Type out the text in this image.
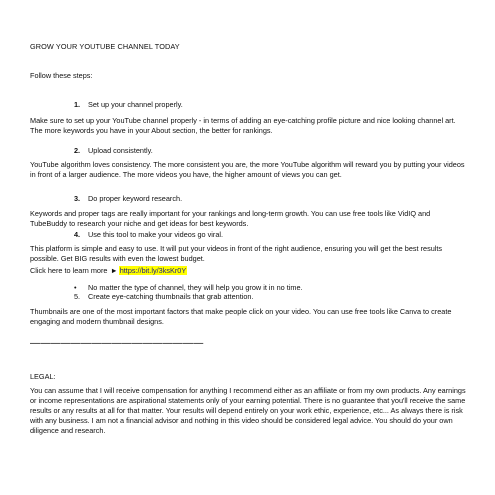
GROW YOUR YOUTUBE CHANNEL TODAY
Follow these steps:
1. Set up your channel properly.

Make sure to set up your YouTube channel properly - in terms of adding an eye-catching profile picture and nice looking channel art. The more keywords you have in your About section, the better for rankings.

2. Upload consistently.

YouTube algorithm loves consistency. The more consistent you are, the more YouTube algorithm will reward you by putting your videos in front of a larger audience. The more videos you have, the higher amount of views you can get.

3. Do proper keyword research.

Keywords and proper tags are really important for your rankings and long-term growth. You can use free tools like VidIQ and TubeBuddy to research your niche and get ideas for best keywords.

4. Use this tool to make your videos go viral.

This platform is simple and easy to use. It will put your videos in front of the right audience, ensuring you will get the best results possible. Get BIG results with even the lowest budget.

Click here to learn more ► https://bit.ly/3ksKr0Y
• No matter the type of channel, they will help you grow it in no time.
5. Create eye-catching thumbnails that grab attention.

Thumbnails are one of the most important factors that make people click on your video. You can use free tools like Canva to create engaging and modern thumbnail designs.

—————————————————
LEGAL:

You can assume that I will receive compensation for anything I recommend either as an affiliate or from my own products. Any earnings or income representations are aspirational statements only of your earning potential. There is no guarantee that you'll receive the same results or any results at all for that matter. Your results will depend entirely on your work ethic, experience, etc... As always there is risk with any business. I am not a financial advisor and nothing in this video should be considered legal advice. You should do your own diligence and research.
